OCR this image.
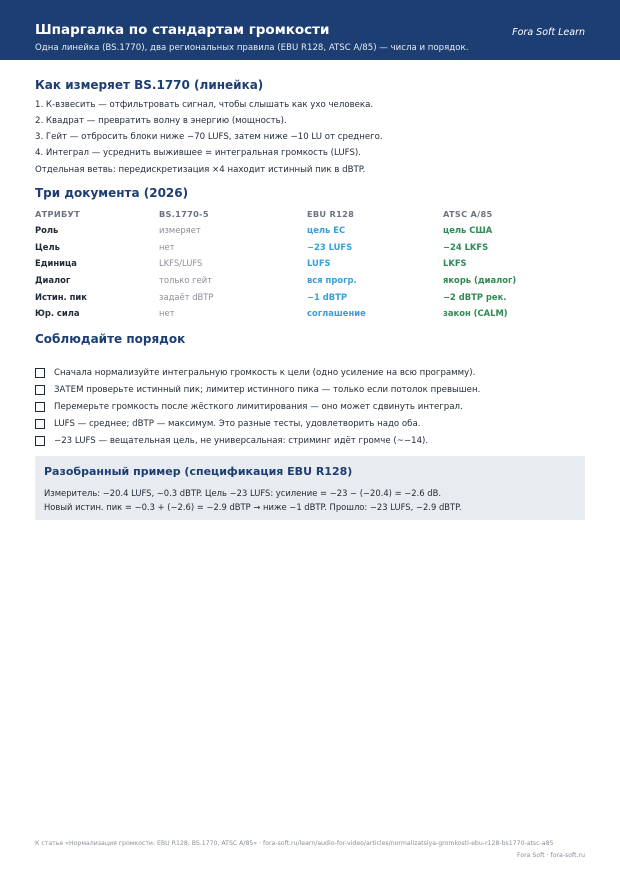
Шпаргалка по стандартам громкости
Одна линейка (BS.1770), два региональных правила (EBU R128, ATSC A/85) — числа и порядок.
Fora Soft Learn
Как измеряет BS.1770 (линейка)
1. К-взвесить — отфильтровать сигнал, чтобы слышать как ухо человека.
2. Квадрат — превратить волну в энергию (мощность).
3. Гейт — отбросить блоки ниже −70 LUFS, затем ниже −10 LU от среднего.
4. Интеграл — усреднить выжившее = интегральная громкость (LUFS).
Отдельная ветвь: передискретизация ×4 находит истинный пик в dBTP.
Три документа (2026)
АТРИБУТ	BS.1770-5	EBU R128	ATSC A/85
Роль	измеряет	цель ЕС	цель США
Цель	нет	−23 LUFS	−24 LKFS
Единица	LKFS/LUFS	LUFS	LKFS
Диалог	только гейт	вся прогр.	якорь (диалог)
Истин. пик	задаёт dBTP	−1 dBTP	−2 dBTP рек.
Юр. сила	нет	соглашение	закон (CALM)
Соблюдайте порядок
Сначала нормализуйте интегральную громкость к цели (одно усиление на всю программу).
ЗАТЕМ проверьте истинный пик; лимитер истинного пика — только если потолок превышен.
Перемерьте громкость после жёсткого лимитирования — оно может сдвинуть интеграл.
LUFS — среднее; dBTP — максимум. Это разные тесты, удовлетворить надо оба.
−23 LUFS — вещательная цель, не универсальная: стриминг идёт громче (~−14).
Разобранный пример (спецификация EBU R128)
Измеритель: −20.4 LUFS, −0.3 dBTP. Цель −23 LUFS: усиление = −23 − (−20.4) = −2.6 dB.
Новый истин. пик = −0.3 + (−2.6) = −2.9 dBTP → ниже −1 dBTP. Прошло: −23 LUFS, −2.9 dBTP.
К статье «Нормализация громкости: EBU R128, BS.1770, ATSC A/85» · fora-soft.ru/learn/audio-for-video/articles/normalizatsiya-gromkosti-ebu-r128-bs1770-atsc-a85
Fora Soft · fora-soft.ru
